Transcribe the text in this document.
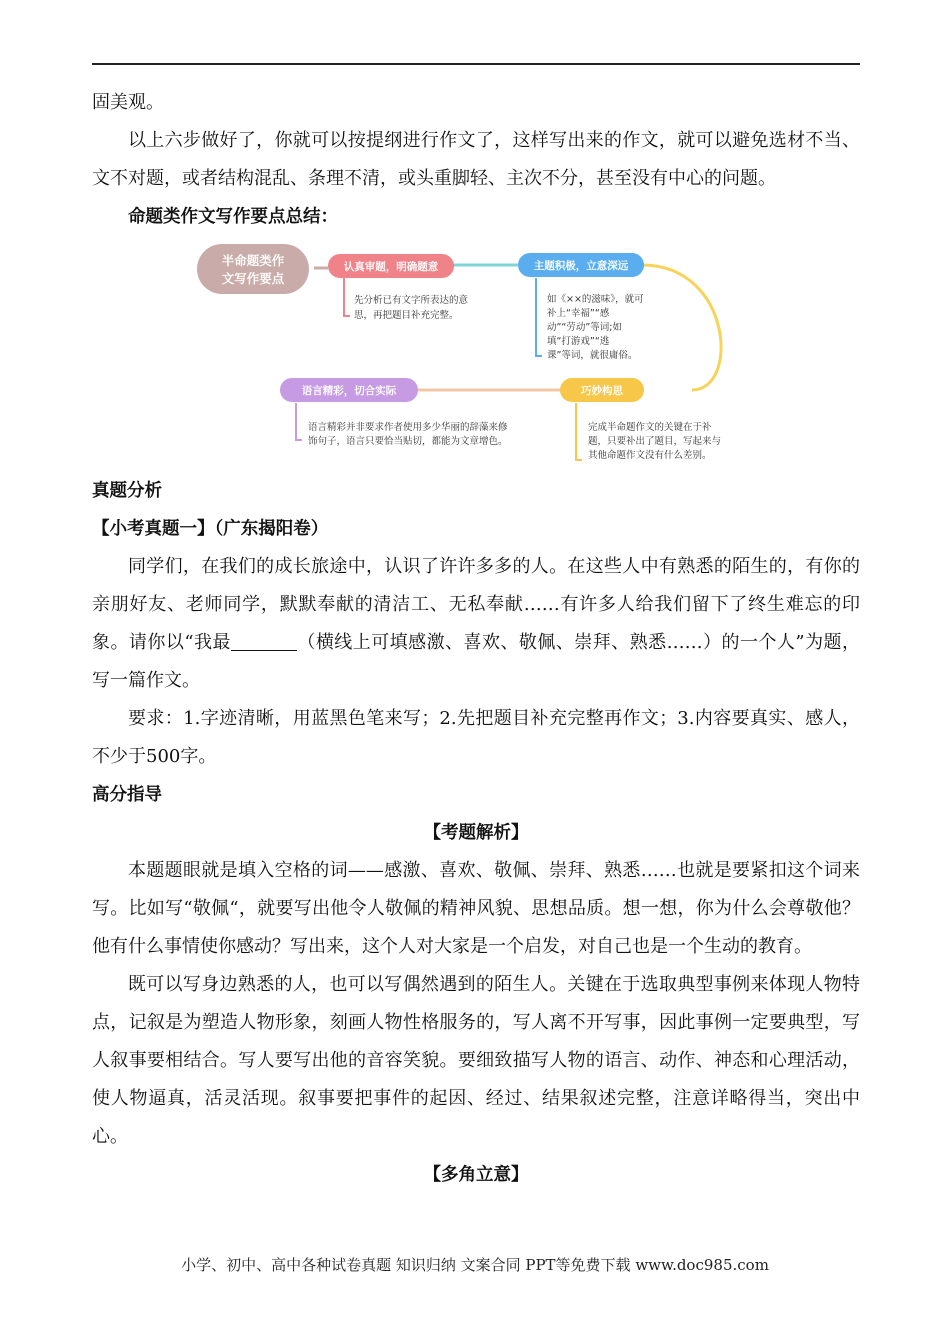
固美观。

以上六步做好了，你就可以按提纲进行作文了，这样写出来的作文，就可以避免选材不当、文不对题，或者结构混乱、条理不清，或头重脚轻、主次不分，甚至没有中心的问题。

命题类作文写作要点总结：

半命题类作
文写作要点
认真审题，明确题意
先分析已有文字所表达的意
思，再把题目补充完整。
主题积极，立意深远
如《××的滋味》，就可
补上“幸福”“感
动”“劳动”等词;如
填“打游戏”“逃
课”等词，就很庸俗。
巧妙构思
完成半命题作文的关键在于补
题，只要补出了题目，写起来与
其他命题作文没有什么差别。
语言精彩，切合实际
语言精彩并非要求作者使用多少华丽的辞藻来修
饰句子，语言只要恰当贴切，都能为文章增色。

真题分析

【小考真题一】（广东揭阳卷）

同学们，在我们的成长旅途中，认识了许许多多的人。在这些人中有熟悉的陌生的，有你的亲朋好友、老师同学，默默奉献的清洁工、无私奉献……有许多人给我们留下了终生难忘的印象。请你以“我最	（横线上可填感激、喜欢、敬佩、崇拜、熟悉……）的一个人”为题，写一篇作文。

要求：1.字迹清晰，用蓝黑色笔来写；2.先把题目补充完整再作文；3.内容要真实、感人，不少于500字。

高分指导

【考题解析】

本题题眼就是填入空格的词——感激、喜欢、敬佩、崇拜、熟悉……也就是要紧扣这个词来写。比如写“敬佩“，就要写出他令人敬佩的精神风貌、思想品质。想一想，你为什么会尊敬他？他有什么事情使你感动？写出来，这个人对大家是一个启发，对自己也是一个生动的教育。

既可以写身边熟悉的人，也可以写偶然遇到的陌生人。关键在于选取典型事例来体现人物特点，记叙是为塑造人物形象，刻画人物性格服务的，写人离不开写事，因此事例一定要典型，写人叙事要相结合。写人要写出他的音容笑貌。要细致描写人物的语言、动作、神态和心理活动，使人物逼真，活灵活现。叙事要把事件的起因、经过、结果叙述完整，注意详略得当，突出中心。

【多角立意】

小学、初中、高中各种试卷真题 知识归纳 文案合同 PPT等免费下载 www.doc985.com
